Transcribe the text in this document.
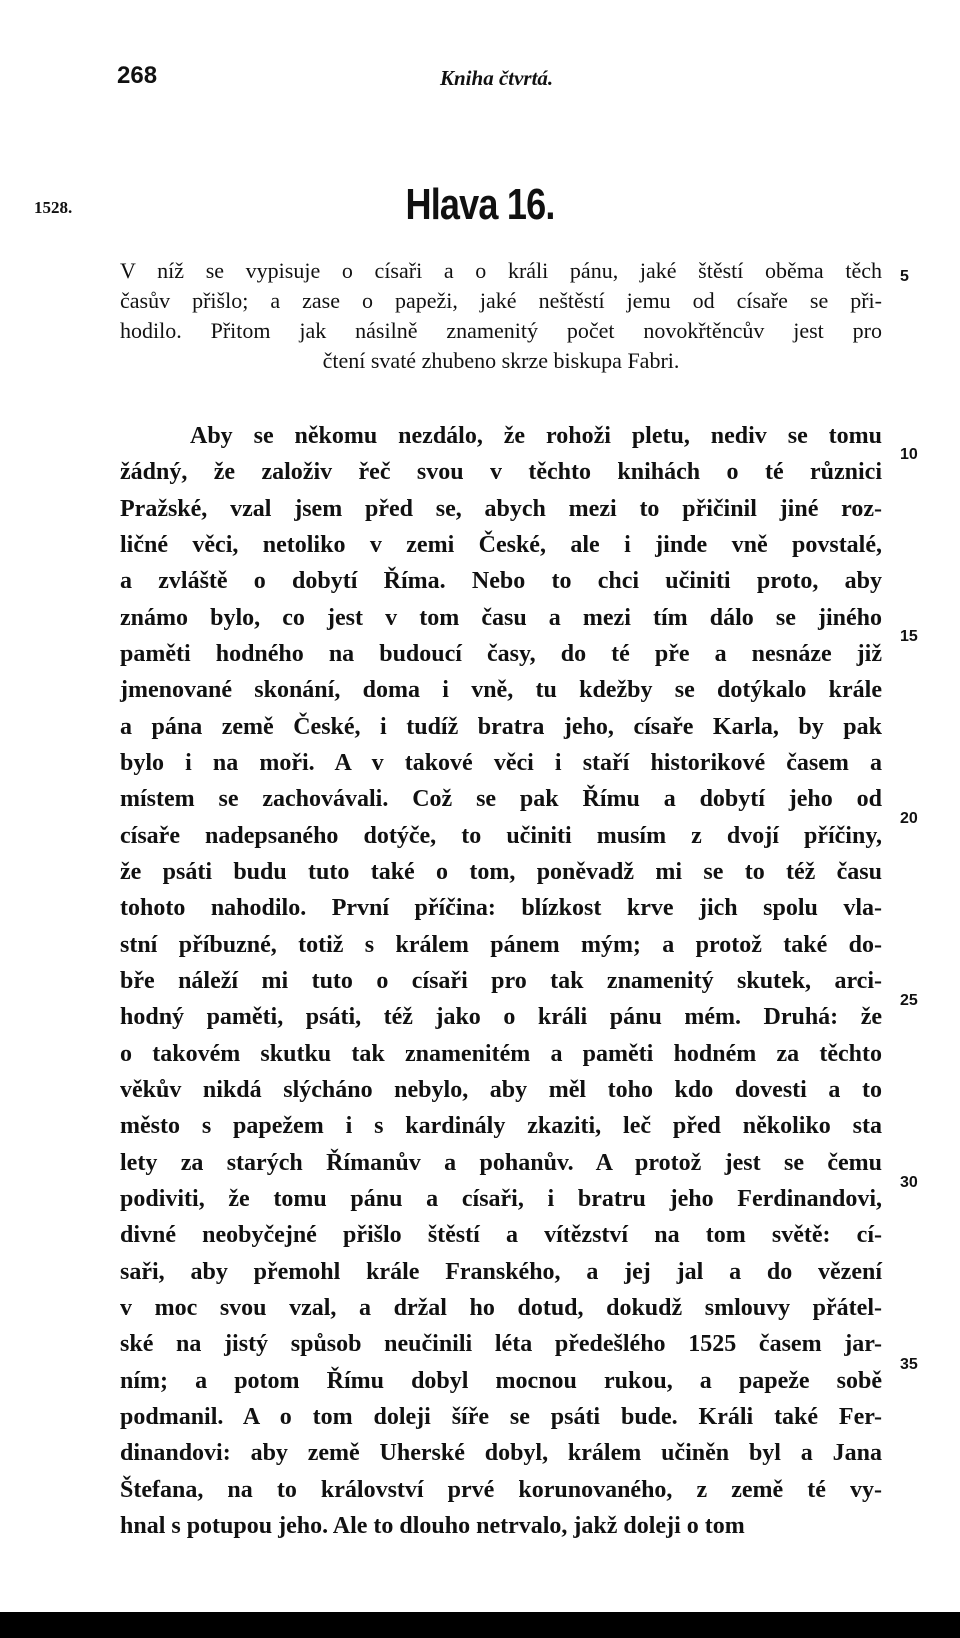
268	Kniha čtvrtá.
1528.	Hlava 16.
V níž se vypisuje o císaři a o králi pánu, jaké štěstí oběma těch
časův přišlo; a zase o papeži, jaké neštěstí jemu od císaře se při-
hodilo. Přitom jak násilně znamenitý počet novokřtěncův jest pro
čtení svaté zhubeno skrze biskupa Fabri.
Aby se někomu nezdálo, že rohoži pletu, nediv se tomu
žádný, že založiv řeč svou v těchto knihách o té různici
Pražské, vzal jsem před se, abych mezi to přičinil jiné roz-
ličné věci, netoliko v zemi České, ale i jinde vně povstalé,
a zvláště o dobytí Říma. Nebo to chci učiniti proto, aby
známo bylo, co jest v tom času a mezi tím dálo se jiného
paměti hodného na budoucí časy, do té pře a nesnáze již
jmenované skonání, doma i vně, tu kdežby se dotýkalo krále
a pána země České, i tudíž bratra jeho, císaře Karla, by pak
bylo i na moři. A v takové věci i staří historikové časem a
místem se zachovávali. Což se pak Římu a dobytí jeho od
císaře nadepsaného dotýče, to učiniti musím z dvojí příčiny,
že psáti budu tuto také o tom, poněvadž mi se to též času
tohoto nahodilo. První příčina: blízkost krve jich spolu vla-
stní příbuzné, totiž s králem pánem mým; a protož také do-
bře náleží mi tuto o císaři pro tak znamenitý skutek, arci-
hodný paměti, psáti, též jako o králi pánu mém. Druhá: že
o takovém skutku tak znamenitém a paměti hodném za těchto
věkův nikdá slýcháno nebylo, aby měl toho kdo dovesti a to
město s papežem i s kardinály zkaziti, leč před několiko sta
lety za starých Římanův a pohanův. A protož jest se čemu
podiviti, že tomu pánu a císaři, i bratru jeho Ferdinandovi,
divné neobyčejné přišlo štěstí a vítězství na tom světě: cí-
saři, aby přemohl krále Franského, a jej jal a do vězení
v moc svou vzal, a držal ho dotud, dokudž smlouvy přátel-
ské na jistý spůsob neučinili léta předešlého 1525 časem jar-
ním; a potom Římu dobyl mocnou rukou, a papeže sobě
podmanil. A o tom doleji šíře se psáti bude. Králi také Fer-
dinandovi: aby země Uherské dobyl, králem učiněn byl a Jana
Štefana, na to království prvé korunovaného, z země té vy-
hnal s potupou jeho. Ale to dlouho netrvalo, jakž doleji o tom
5
10
15
20
25
30
35
